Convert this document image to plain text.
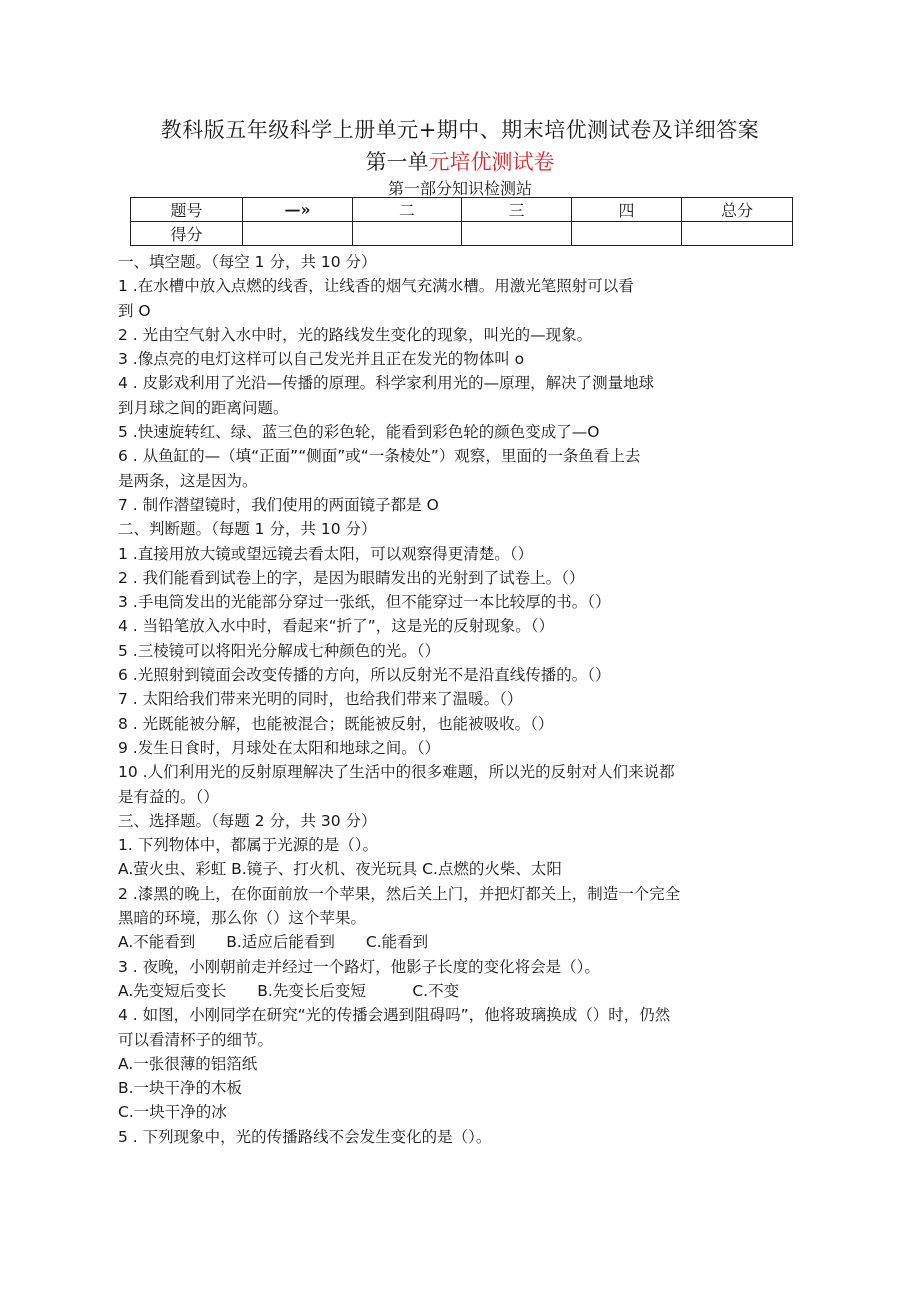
教科版五年级科学上册单元+期中、期末培优测试卷及详细答案
第一单元培优测试卷
第一部分知识检测站
题号	—»	二	三	四	总分
得分					
一、填空题。（每空 1 分，共 10 分）
1 .在水槽中放入点燃的线香，让线香的烟气充满水槽。用激光笔照射可以看
到 O
2 . 光由空气射入水中时，光的路线发生变化的现象，叫光的—现象。
3 .像点亮的电灯这样可以自己发光并且正在发光的物体叫 o
4 . 皮影戏利用了光沿—传播的原理。科学家利用光的—原理，解决了测量地球
到月球之间的距离问题。
5 .快速旋转红、绿、蓝三色的彩色轮，能看到彩色轮的颜色变成了—O
6 . 从鱼缸的—（填“正面”“侧面”或“一条棱处”）观察，里面的一条鱼看上去
是两条，这是因为。
7 . 制作潜望镜时，我们使用的两面镜子都是 O
二、判断题。（每题 1 分，共 10 分）
1 .直接用放大镜或望远镜去看太阳，可以观察得更清楚。（）
2 . 我们能看到试卷上的字，是因为眼睛发出的光射到了试卷上。（）
3 .手电筒发出的光能部分穿过一张纸，但不能穿过一本比较厚的书。（）
4 . 当铅笔放入水中时，看起来“折了”，这是光的反射现象。（）
5 .三棱镜可以将阳光分解成七种颜色的光。（）
6 .光照射到镜面会改变传播的方向，所以反射光不是沿直线传播的。（）
7 . 太阳给我们带来光明的同时，也给我们带来了温暖。（）
8 . 光既能被分解，也能被混合；既能被反射，也能被吸收。（）
9 .发生日食时，月球处在太阳和地球之间。（）
10 .人们利用光的反射原理解决了生活中的很多难题，所以光的反射对人们来说都
是有益的。（）
三、选择题。（每题 2 分，共 30 分）
1. 下列物体中，都属于光源的是（）。
A.萤火虫、彩虹 B.镜子、打火机、夜光玩具 C.点燃的火柴、太阳
2 .漆黑的晚上，在你面前放一个苹果，然后关上门，并把灯都关上，制造一个完全
黑暗的环境，那么你（）这个苹果。
A.不能看到　　B.适应后能看到　　C.能看到
3 . 夜晚，小刚朝前走并经过一个路灯，他影子长度的变化将会是（）。
A.先变短后变长　　B.先变长后变短　　　C.不变
4 . 如图，小刚同学在研究“光的传播会遇到阻碍吗”，他将玻璃换成（）时，仍然
可以看清杯子的细节。
A.一张很薄的铝箔纸
B.一块干净的木板
C.一块干净的冰
5 . 下列现象中，光的传播路线不会发生变化的是（）。
